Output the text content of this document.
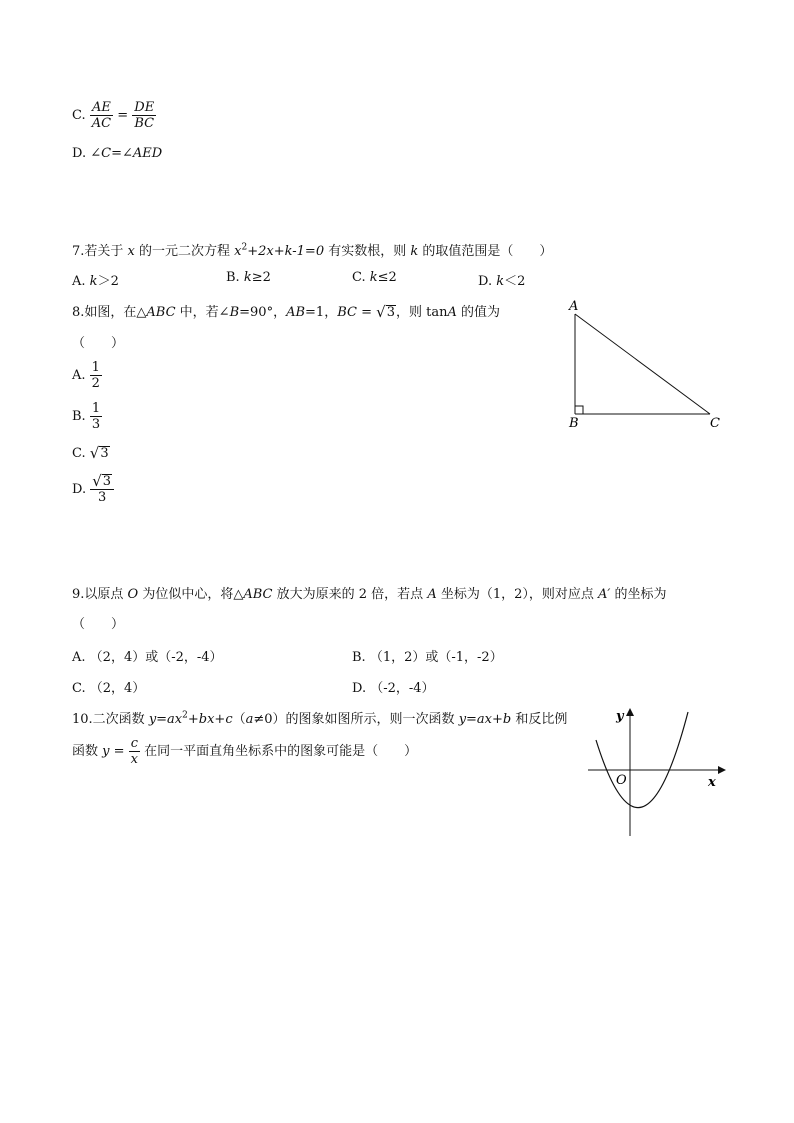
C. $\frac{AE}{AC} = \frac{DE}{BC}$
D. ∠C=∠AED
7.若关于 x 的一元二次方程 $x^2+2x+k-1=0$ 有实数根，则 k 的取值范围是（　　）
A. k＞2	B. k≥2	C. k≤2	D. k＜2
8.如图，在△ABC 中，若∠B=90°，AB=1，BC = √ 3 ，则 tanA 的值为
（　　）
A. $\frac{1}{2}$
B. $\frac{1}{3}$
C. √ 3
D. $\frac{√ 3}{3}$
A
B	C
9.以原点 O 为位似中心，将△ABC 放大为原来的 2 倍，若点 A 坐标为（1，2），则对应点 A′ 的坐标为
（　　）
A. （2，4）或（-2，-4）	B. （1，2）或（-1，-2）
C. （2，4）	D. （-2，-4）
10.二次函数 $y=ax^2+bx+c(a\ne 0)$的图象如图所示，则一次函数 y=ax+b 和反比例
函数 $y = \frac{c}{x}$ 在同一平面直角坐标系中的图象可能是（　　）
y
x
O
